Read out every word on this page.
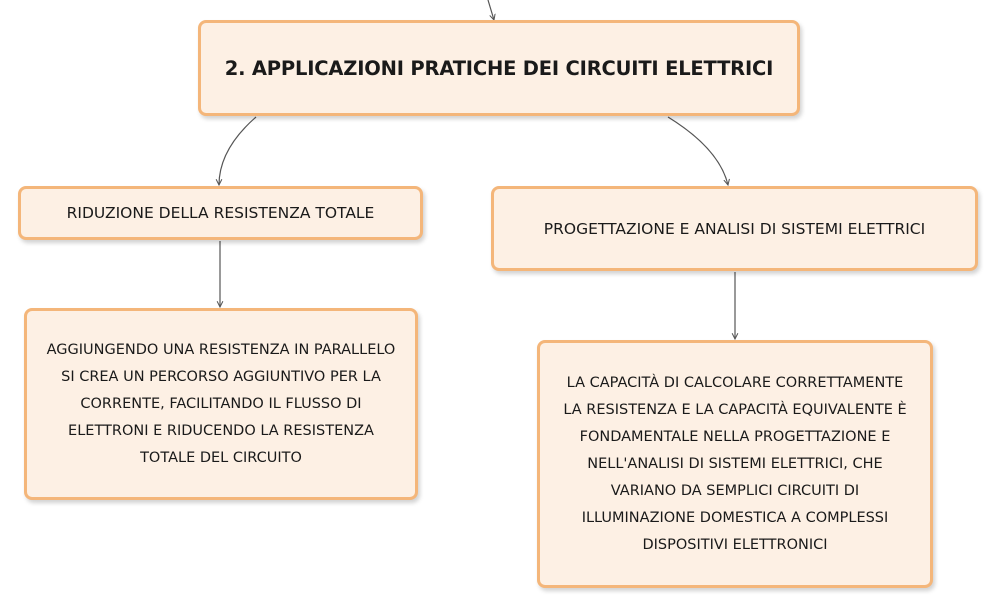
2. APPLICAZIONI PRATICHE DEI CIRCUITI ELETTRICI
RIDUZIONE DELLA RESISTENZA TOTALE
PROGETTAZIONE E ANALISI DI SISTEMI ELETTRICI
AGGIUNGENDO UNA RESISTENZA IN PARALLELO SI CREA UN PERCORSO AGGIUNTIVO PER LA CORRENTE, FACILITANDO IL FLUSSO DI ELETTRONI E RIDUCENDO LA RESISTENZA TOTALE DEL CIRCUITO
LA CAPACITÀ DI CALCOLARE CORRETTAMENTE LA RESISTENZA E LA CAPACITÀ EQUIVALENTE È FONDAMENTALE NELLA PROGETTAZIONE E NELL'ANALISI DI SISTEMI ELETTRICI, CHE VARIANO DA SEMPLICI CIRCUITI DI ILLUMINAZIONE DOMESTICA A COMPLESSI DISPOSITIVI ELETTRONICI
